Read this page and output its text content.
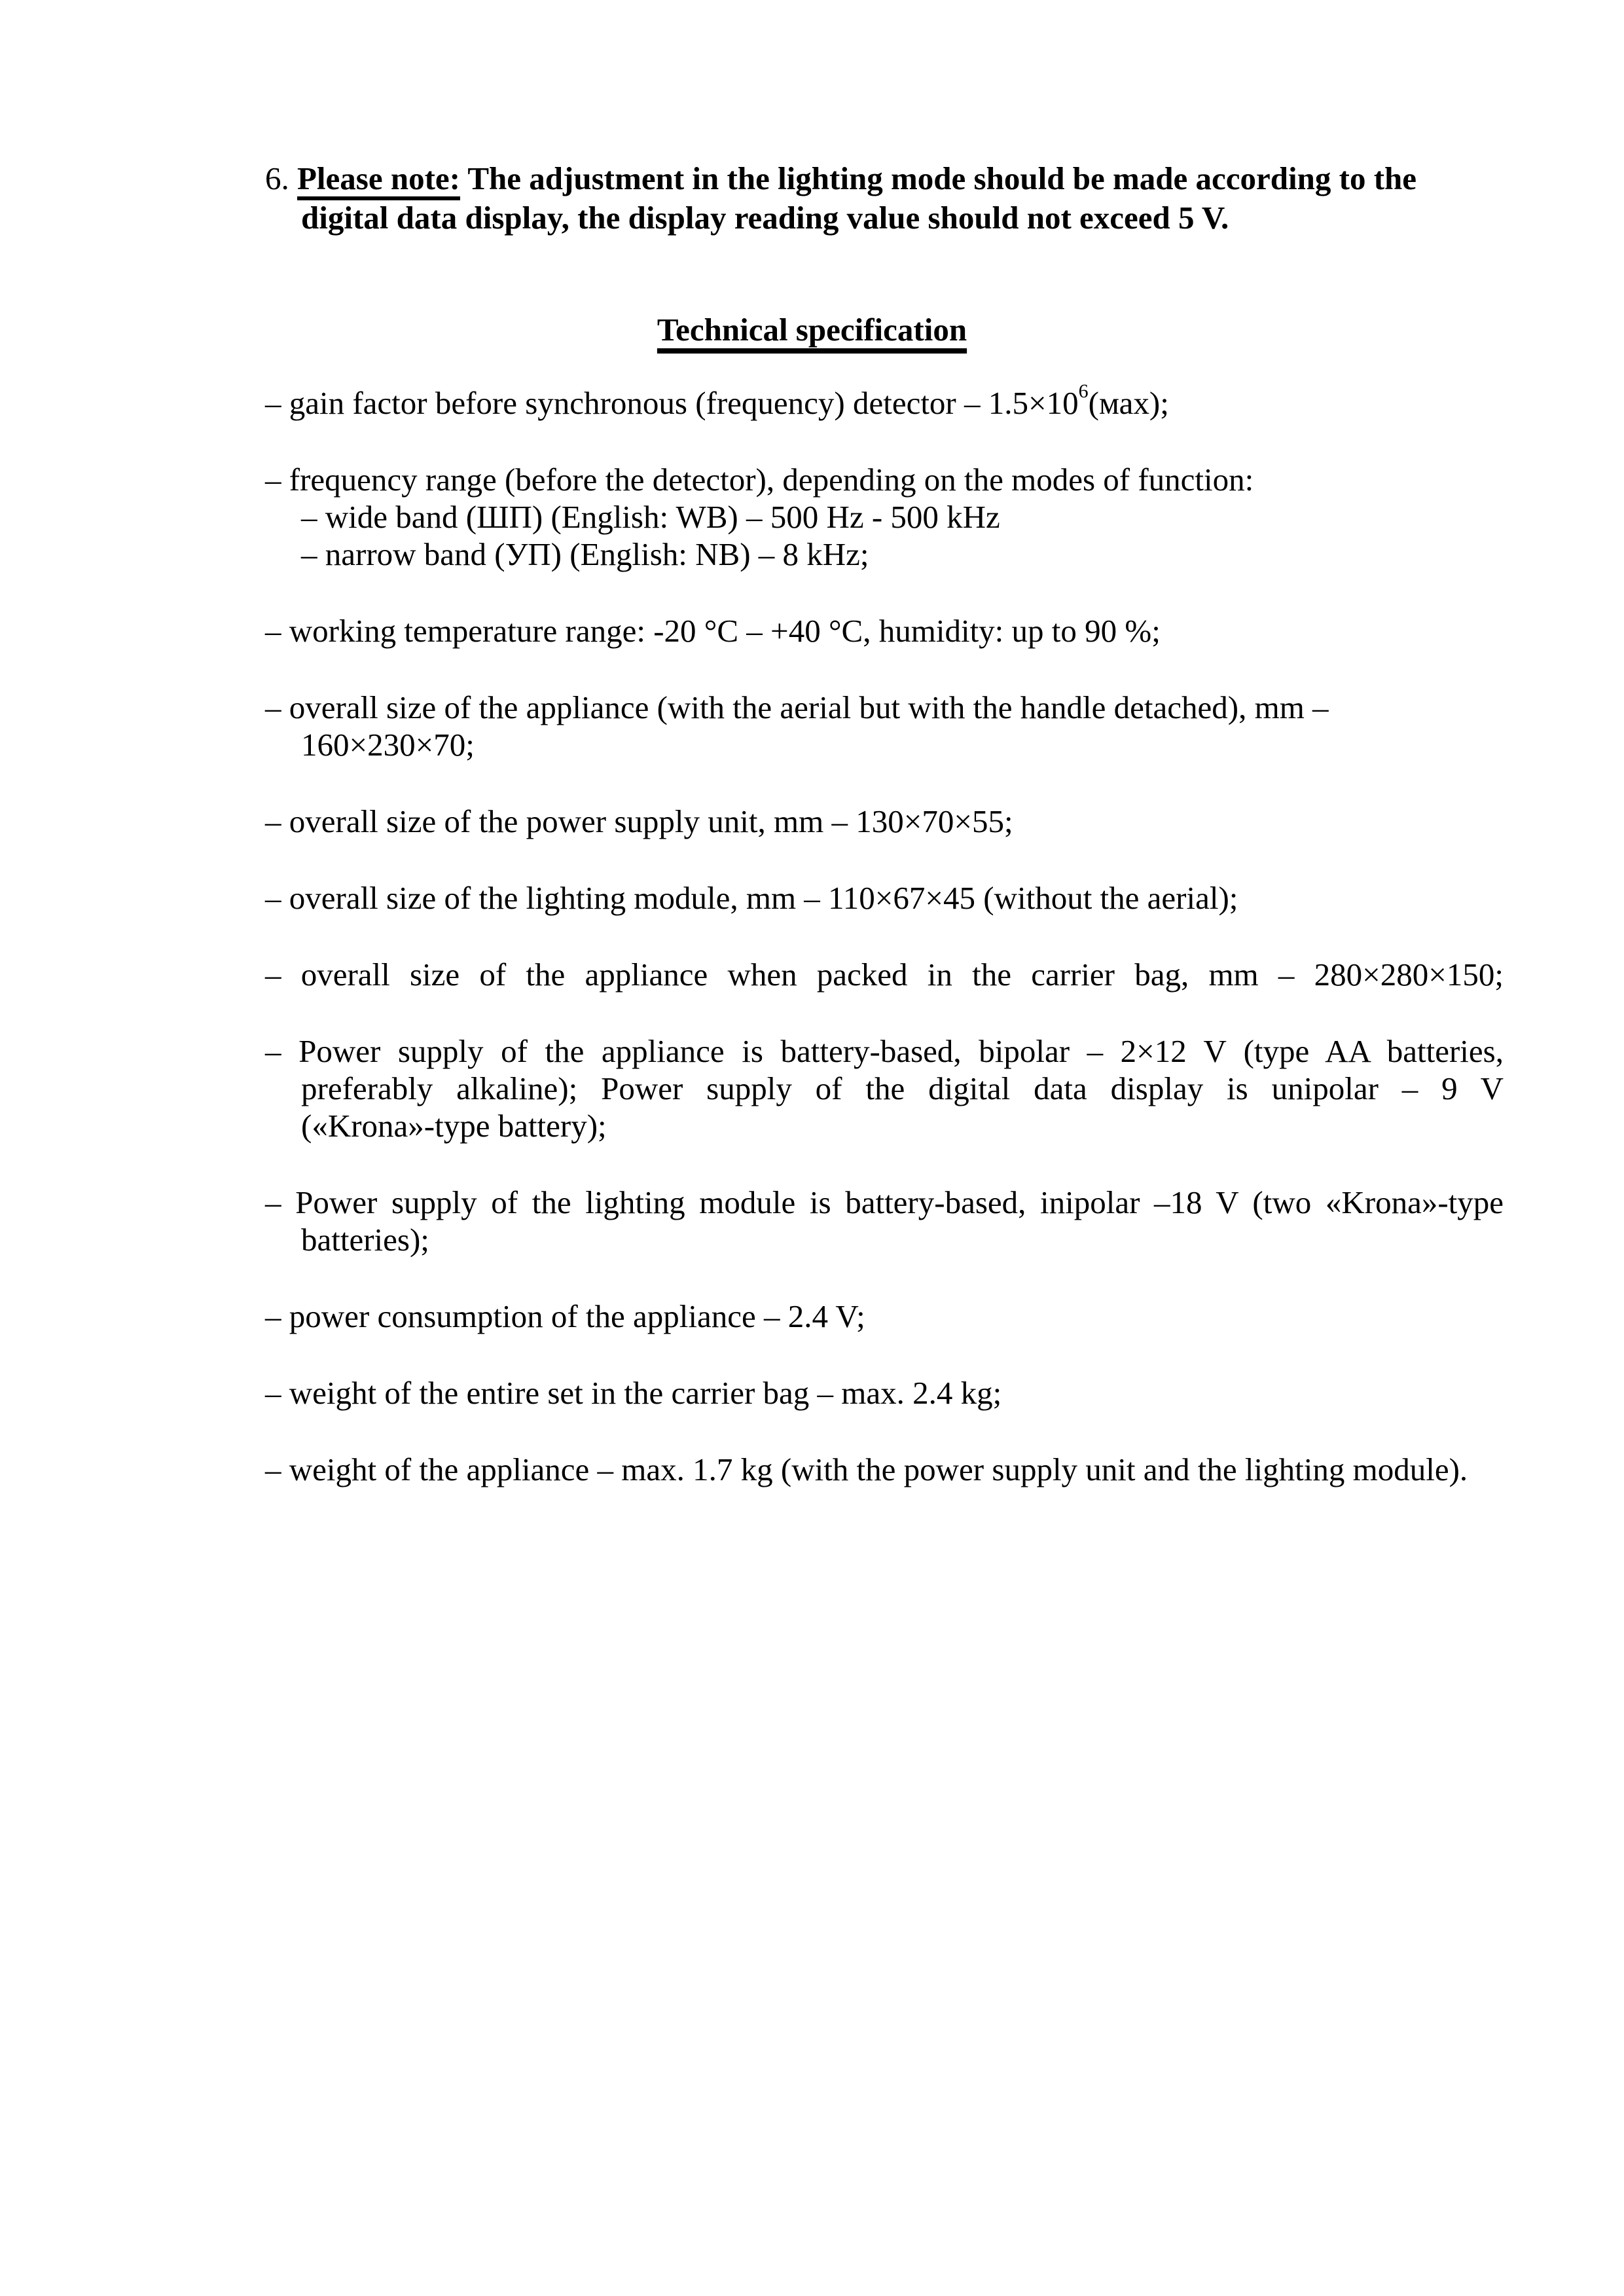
6. Please note: The adjustment in the lighting mode should be made according to the
digital data display, the display reading value should not exceed 5 V.
Technical specification
– gain factor before synchronous (frequency) detector – $1.5\times 10^6(мах)$;
– frequency range (before the detector), depending on the modes of function:
– wide band (ШП) (English: WB) – 500 Hz - 500 kHz
– narrow band (УП) (English: NB) – 8 kHz;
– working temperature range: -20 °C – +40 °C, humidity: up to 90 %;
– overall size of the appliance (with the aerial but with the handle detached), mm –
160×230×70;
– overall size of the power supply unit, mm – 130×70×55;
– overall size of the lighting module, mm – 110×67×45 (without the aerial);
– overall size of the appliance when packed in the carrier bag, mm – 280×280×150;
– Power supply of the appliance is battery-based, bipolar – 2×12 V (type AA batteries,
preferably alkaline); Power supply of the digital data display is unipolar – 9 V
(«Krona»-type battery);
– Power supply of the lighting module is battery-based, inipolar –18 V (two «Krona»-type
batteries);
– power consumption of the appliance – 2.4 V;
– weight of the entire set in the carrier bag – max. 2.4 kg;
– weight of the appliance – max. 1.7 kg (with the power supply unit and the lighting module).
